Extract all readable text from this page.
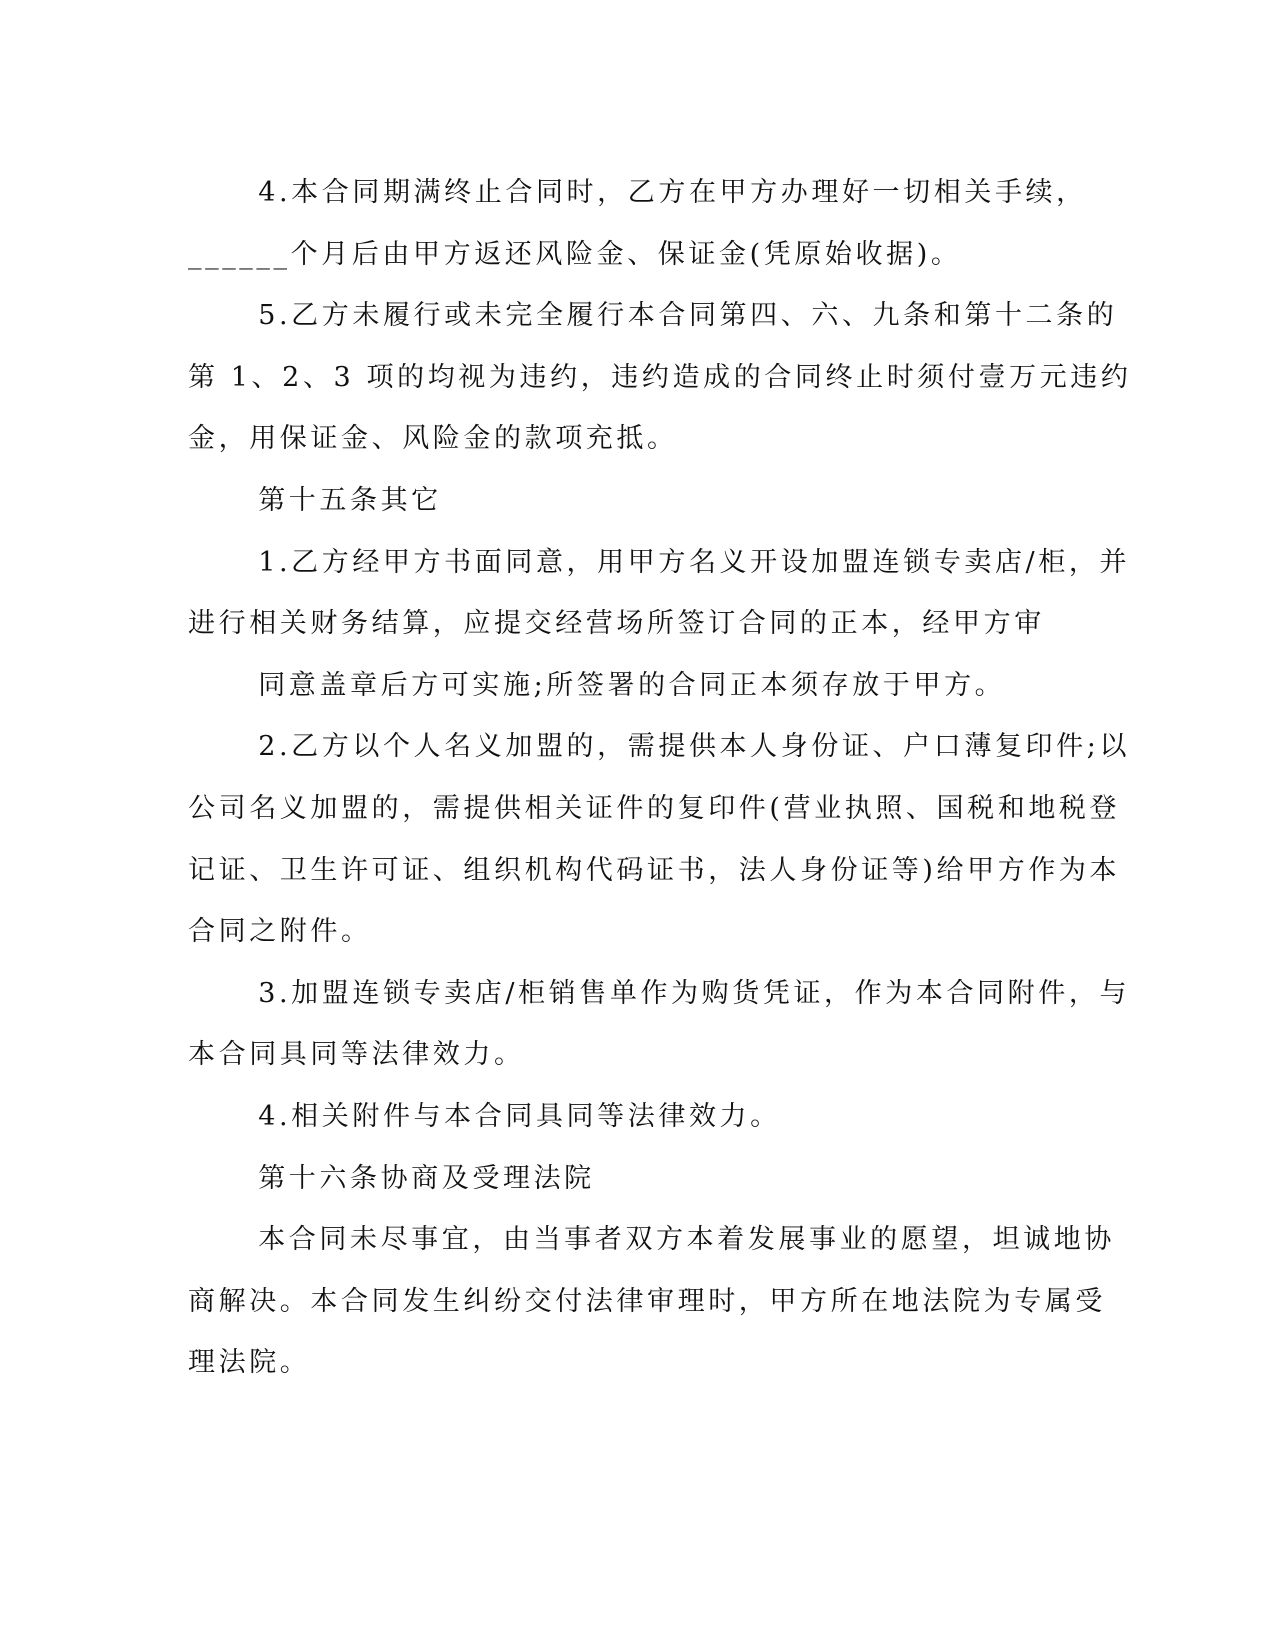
4.本合同期满终止合同时，乙方在甲方办理好一切相关手续，
______个月后由甲方返还风险金、保证金(凭原始收据)。
5.乙方未履行或未完全履行本合同第四、六、九条和第十二条的
第 1、2、3 项的均视为违约，违约造成的合同终止时须付壹万元违约
金，用保证金、风险金的款项充抵。
第十五条其它
1.乙方经甲方书面同意，用甲方名义开设加盟连锁专卖店/柜，并
进行相关财务结算，应提交经营场所签订合同的正本，经甲方审
同意盖章后方可实施;所签署的合同正本须存放于甲方。
2.乙方以个人名义加盟的，需提供本人身份证、户口薄复印件;以
公司名义加盟的，需提供相关证件的复印件(营业执照、国税和地税登
记证、卫生许可证、组织机构代码证书，法人身份证等)给甲方作为本
合同之附件。
3.加盟连锁专卖店/柜销售单作为购货凭证，作为本合同附件，与
本合同具同等法律效力。
4.相关附件与本合同具同等法律效力。
第十六条协商及受理法院
本合同未尽事宜，由当事者双方本着发展事业的愿望，坦诚地协
商解决。本合同发生纠纷交付法律审理时，甲方所在地法院为专属受
理法院。
